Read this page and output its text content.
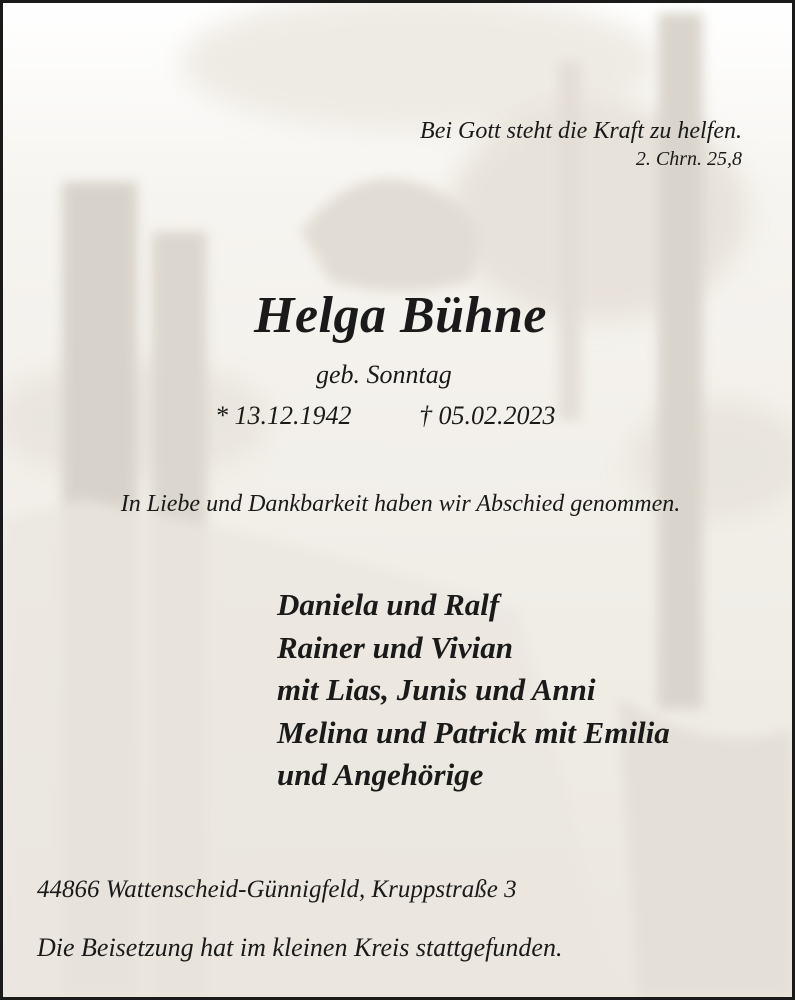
Bei Gott steht die Kraft zu helfen.
2. Chrn. 25,8
Helga Bühne
geb. Sonntag
* 13.12.1942	† 05.02.2023
In Liebe und Dankbarkeit haben wir Abschied genommen.
Daniela und Ralf
Rainer und Vivian
mit Lias, Junis und Anni
Melina und Patrick mit Emilia
und Angehörige
44866 Wattenscheid-Günnigfeld, Kruppstraße 3
Die Beisetzung hat im kleinen Kreis stattgefunden.
